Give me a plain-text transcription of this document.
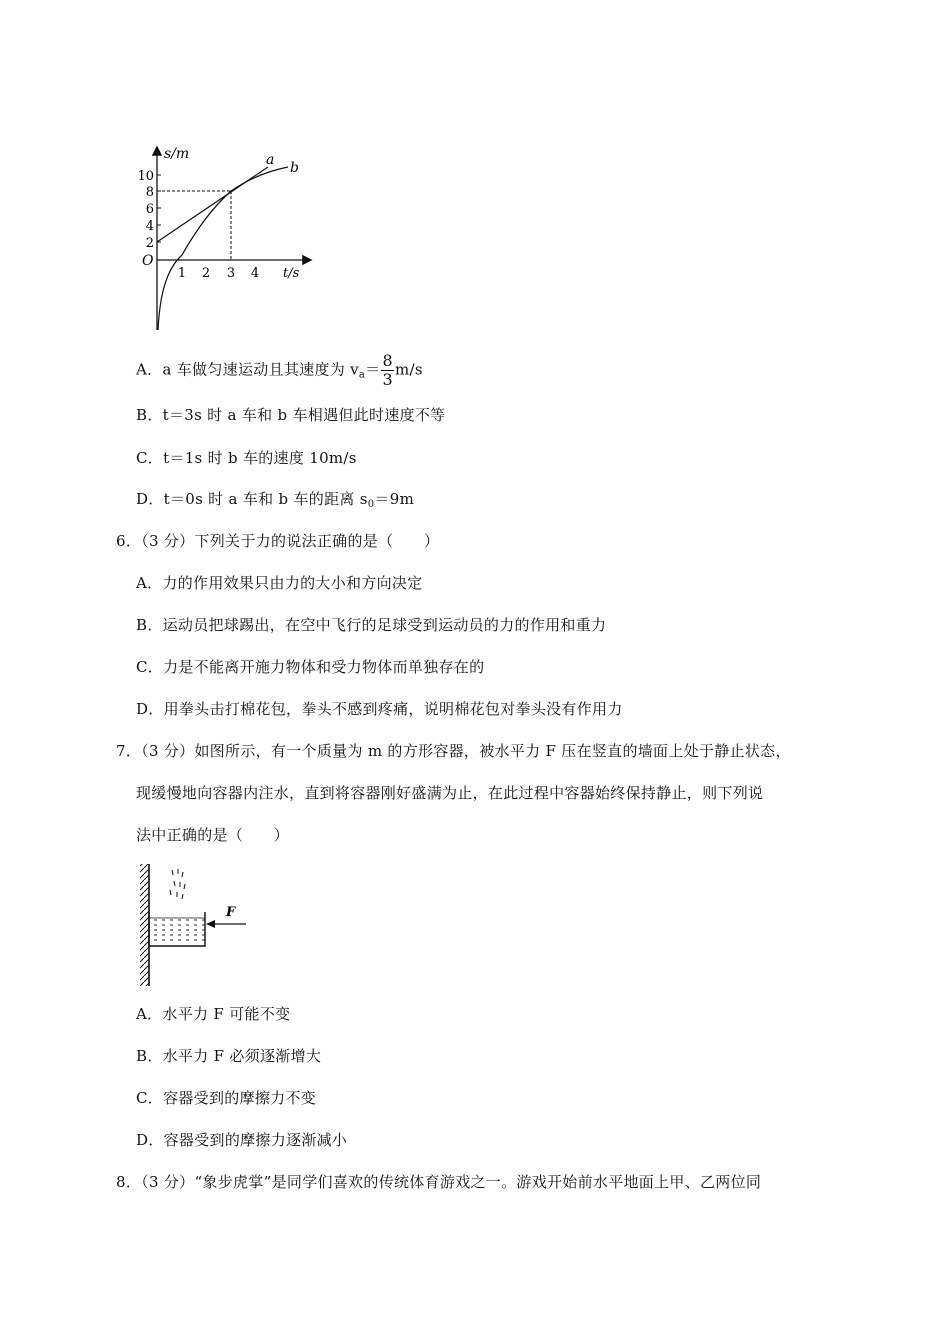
10
8
6
4
2
O
1 2 3 4 t/s
s/m	a b
A．a 车做匀速运动且其速度为 $v_a= \frac{8}{3} m/s$
B．t＝3s 时 a 车和 b 车相遇但此时速度不等
C．t＝1s 时 b 车的速度 10m/s
D．t＝0s 时 a 车和 b 车的距离 $s_0=9m$
6．（3 分）下列关于力的说法正确的是（　　）
A．力的作用效果只由力的大小和方向决定
B．运动员把球踢出，在空中飞行的足球受到运动员的力的作用和重力
C．力是不能离开施力物体和受力物体而单独存在的
D．用拳头击打棉花包，拳头不感到疼痛，说明棉花包对拳头没有作用力
7．（3 分）如图所示，有一个质量为 m 的方形容器，被水平力 F 压在竖直的墙面上处于静止状态，
现缓慢地向容器内注水，直到将容器刚好盛满为止，在此过程中容器始终保持静止，则下列说
法中正确的是（　　）
F
A．水平力 F 可能不变
B．水平力 F 必须逐渐增大
C．容器受到的摩擦力不变
D．容器受到的摩擦力逐渐减小
8．（3 分）“象步虎掌”是同学们喜欢的传统体育游戏之一。游戏开始前水平地面上甲、乙两位同
